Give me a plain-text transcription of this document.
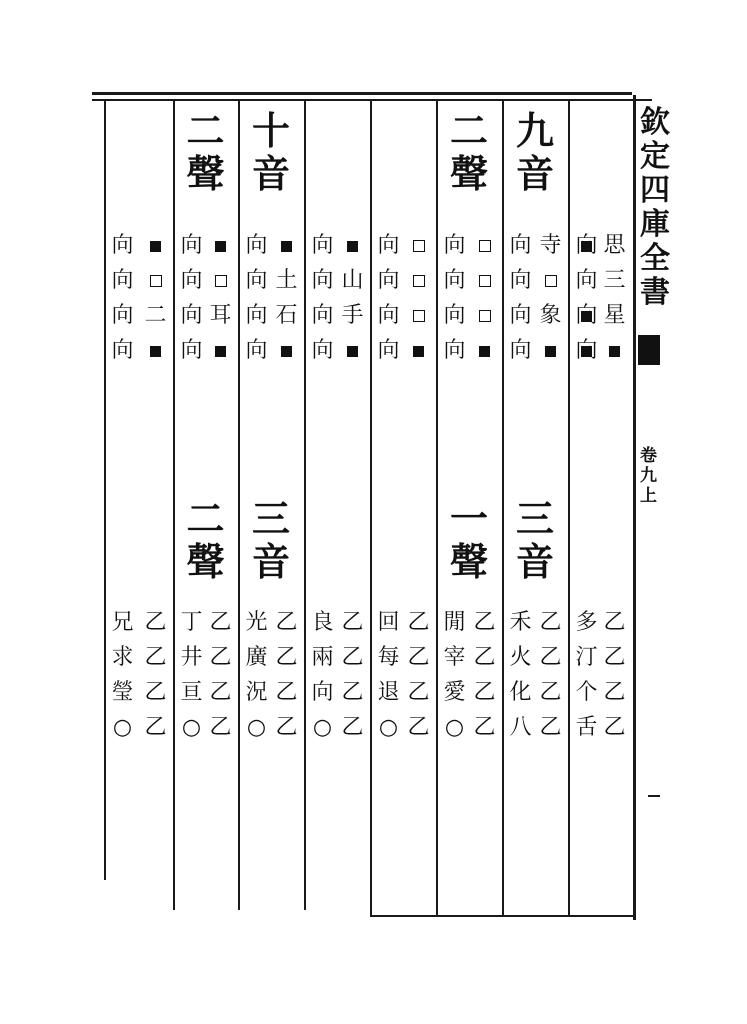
欽
定
四
庫
全
書
卷
九
上
思
三
星
向
向
向
向
多
汀
个
舌
乙
乙
乙
乙
九
音
三
音
向
向
向
向
寺
象
禾
火
化
八
乙
乙
乙
乙
二
聲
一
聲
向
向
向
向
閒
宰
愛
○
乙
乙
乙
乙
向
向
向
向
回
每
退
○
乙
乙
乙
乙
向
向
向
向
山
手
良
兩
向
○
乙
乙
乙
乙
十
音
三
音
向
向
向
向
土
石
光
廣
況
○
乙
乙
乙
乙
二
聲
二
聲
向
向
向
向
耳
丁
井
亘
○
乙
乙
乙
乙
向
向
向
向
二
兄
求
瑩
○
乙
乙
乙
乙
